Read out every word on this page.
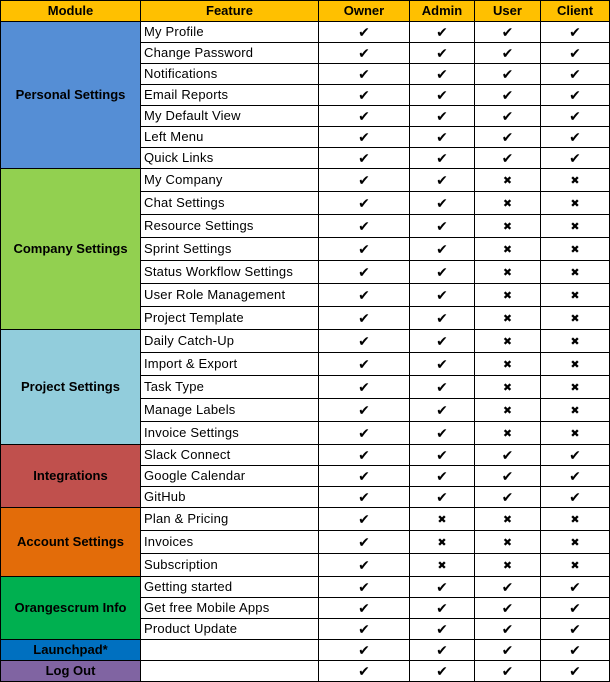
Module	Feature	Owner	Admin	User	Client
Personal Settings	My Profile	✔	✔	✔	✔
	Change Password	✔	✔	✔	✔
	Notifications	✔	✔	✔	✔
	Email Reports	✔	✔	✔	✔
	My Default View	✔	✔	✔	✔
	Left Menu	✔	✔	✔	✔
	Quick Links	✔	✔	✔	✔
Company Settings	My Company	✔	✔	✖	✖
	Chat Settings	✔	✔	✖	✖
	Resource Settings	✔	✔	✖	✖
	Sprint Settings	✔	✔	✖	✖
	Status Workflow Settings	✔	✔	✖	✖
	User Role Management	✔	✔	✖	✖
	Project Template	✔	✔	✖	✖
Project Settings	Daily Catch-Up	✔	✔	✖	✖
	Import & Export	✔	✔	✖	✖
	Task Type	✔	✔	✖	✖
	Manage Labels	✔	✔	✖	✖
	Invoice Settings	✔	✔	✖	✖
Integrations	Slack Connect	✔	✔	✔	✔
	Google Calendar	✔	✔	✔	✔
	GitHub	✔	✔	✔	✔
Account Settings	Plan & Pricing	✔	✖	✖	✖
	Invoices	✔	✖	✖	✖
	Subscription	✔	✖	✖	✖
Orangescrum Info	Getting started	✔	✔	✔	✔
	Get free Mobile Apps	✔	✔	✔	✔
	Product Update	✔	✔	✔	✔
Launchpad*		✔	✔	✔	✔
Log Out		✔	✔	✔	✔
